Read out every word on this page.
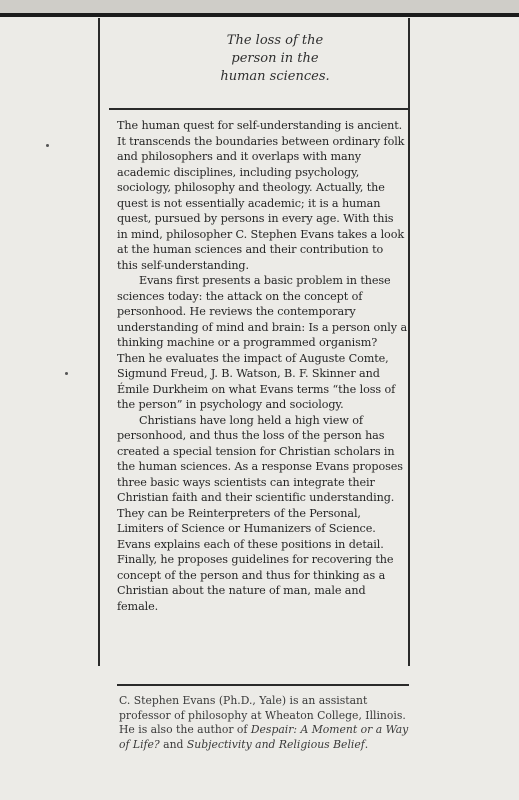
The loss of the person in the human sciences.

The human quest for self-understanding is ancient. It transcends the boundaries between ordinary folk and philosophers and it overlaps with many academic disciplines, including psychology, sociology, philosophy and theology. Actually, the quest is not essentially academic; it is a human quest, pursued by persons in every age. With this in mind, philosopher C. Stephen Evans takes a look at the human sciences and their contribution to this self-understanding.

Evans first presents a basic problem in these sciences today: the attack on the concept of personhood. He reviews the contemporary understanding of mind and brain: Is a person only a thinking machine or a programmed organism? Then he evaluates the impact of Auguste Comte, Sigmund Freud, J. B. Watson, B. F. Skinner and Émile Durkheim on what Evans terms “the loss of the person” in psychology and sociology.

Christians have long held a high view of personhood, and thus the loss of the person has created a special tension for Christian scholars in the human sciences. As a response Evans proposes three basic ways scientists can integrate their Christian faith and their scientific understanding. They can be Reinterpreters of the Personal, Limiters of Science or Humanizers of Science. Evans explains each of these positions in detail. Finally, he proposes guidelines for recovering the concept of the person and thus for thinking as a Christian about the nature of man, male and female.

C. Stephen Evans (Ph.D., Yale) is an assistant professor of philosophy at Wheaton College, Illinois. He is also the author of Despair: A Moment or a Way of Life? and Subjectivity and Religious Belief.
